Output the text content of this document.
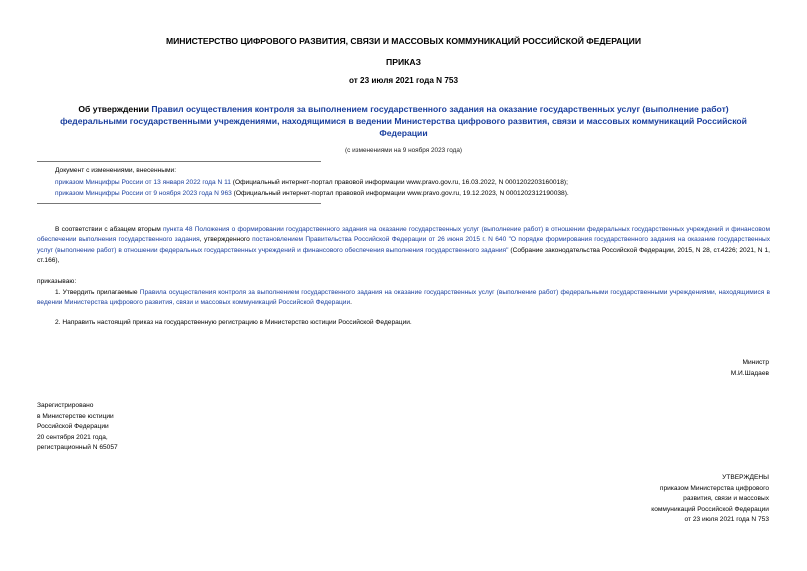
МИНИСТЕРСТВО ЦИФРОВОГО РАЗВИТИЯ, СВЯЗИ И МАССОВЫХ КОММУНИКАЦИЙ РОССИЙСКОЙ ФЕДЕРАЦИИ
ПРИКАЗ
от 23 июля 2021 года N 753
Об утверждении Правил осуществления контроля за выполнением государственного задания на оказание государственных услуг (выполнение работ) федеральными государственными учреждениями, находящимися в ведении Министерства цифрового развития, связи и массовых коммуникаций Российской Федерации
(с изменениями на 9 ноября 2023 года)
Документ с изменениями, внесенными:
приказом Минцифры России от 13 января 2022 года N 11 (Официальный интернет-портал правовой информации www.pravo.gov.ru, 16.03.2022, N 0001202203160018);
приказом Минцифры России от 9 ноября 2023 года N 963 (Официальный интернет-портал правовой информации www.pravo.gov.ru, 19.12.2023, N 0001202312190038).
В соответствии с абзацем вторым пункта 48 Положения о формировании государственного задания на оказание государственных услуг (выполнение работ) в отношении федеральных государственных учреждений и финансовом обеспечении выполнения государственного задания, утвержденного постановлением Правительства Российской Федерации от 26 июня 2015 г. N 640 "О порядке формирования государственного задания на оказание государственных услуг (выполнение работ) в отношении федеральных государственных учреждений и финансового обеспечения выполнения государственного задания" (Собрание законодательства Российской Федерации, 2015, N 28, ст.4226; 2021, N 1, ст.166),
приказываю:
1. Утвердить прилагаемые Правила осуществления контроля за выполнением государственного задания на оказание государственных услуг (выполнение работ) федеральными государственными учреждениями, находящимися в ведении Министерства цифрового развития, связи и массовых коммуникаций Российской Федерации.
2. Направить настоящий приказ на государственную регистрацию в Министерство юстиции Российской Федерации.
Министр
М.И.Шадаев
Зарегистрировано
в Министерстве юстиции
Российской Федерации
20 сентября 2021 года,
регистрационный N 65057
УТВЕРЖДЕНЫ
приказом Министерства цифрового
развития, связи и массовых
коммуникаций Российской Федерации
от 23 июля 2021 года N 753
